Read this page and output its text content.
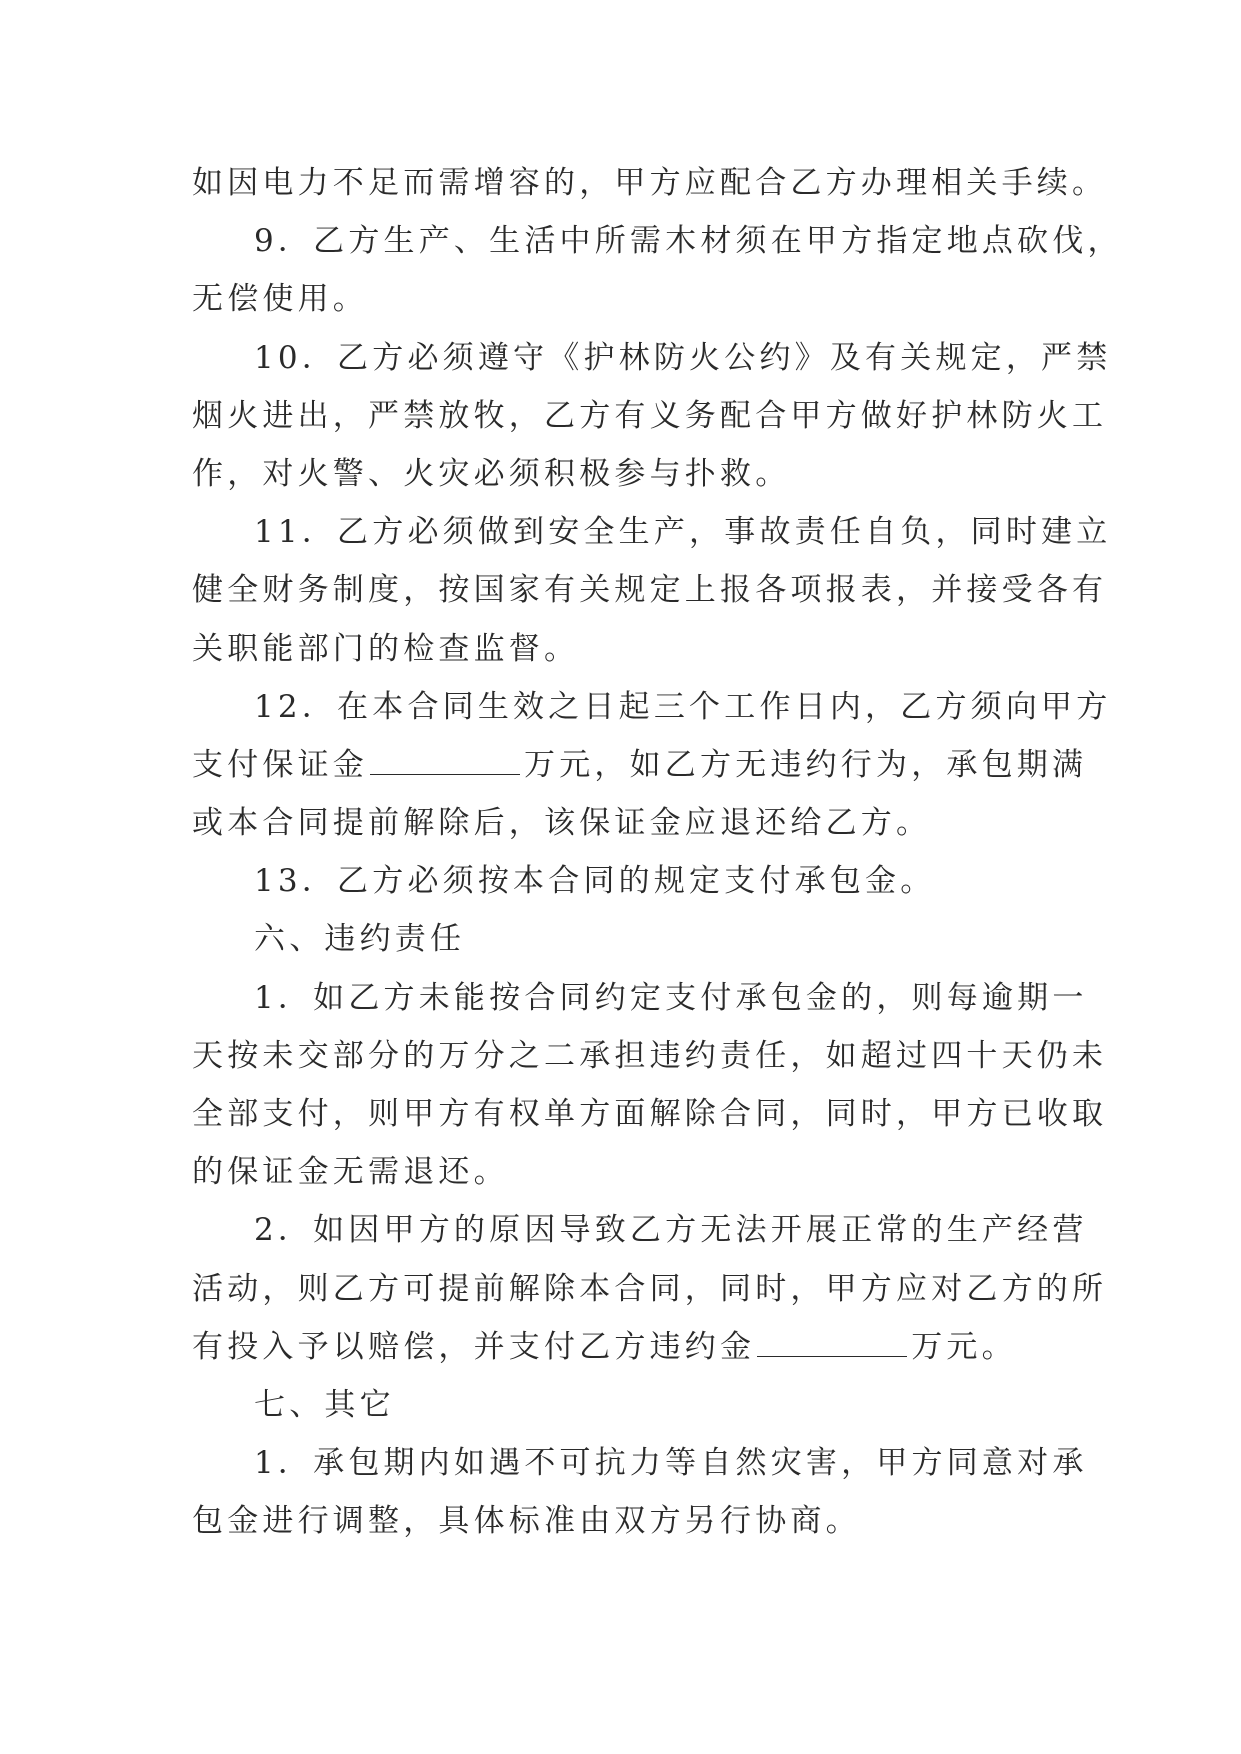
如因电力不足而需增容的，甲方应配合乙方办理相关手续。
9．乙方生产、生活中所需木材须在甲方指定地点砍伐，
无偿使用。
10．乙方必须遵守《护林防火公约》及有关规定，严禁
烟火进出，严禁放牧，乙方有义务配合甲方做好护林防火工
作，对火警、火灾必须积极参与扑救。
11．乙方必须做到安全生产，事故责任自负，同时建立
健全财务制度，按国家有关规定上报各项报表，并接受各有
关职能部门的检查监督。
12．在本合同生效之日起三个工作日内，乙方须向甲方
支付保证金	万元，如乙方无违约行为，承包期满
或本合同提前解除后，该保证金应退还给乙方。
13．乙方必须按本合同的规定支付承包金。
六、违约责任
1．如乙方未能按合同约定支付承包金的，则每逾期一
天按未交部分的万分之二承担违约责任，如超过四十天仍未
全部支付，则甲方有权单方面解除合同，同时，甲方已收取
的保证金无需退还。
2．如因甲方的原因导致乙方无法开展正常的生产经营
活动，则乙方可提前解除本合同，同时，甲方应对乙方的所
有投入予以赔偿，并支付乙方违约金	万元。
七、其它
1．承包期内如遇不可抗力等自然灾害，甲方同意对承
包金进行调整，具体标准由双方另行协商。
